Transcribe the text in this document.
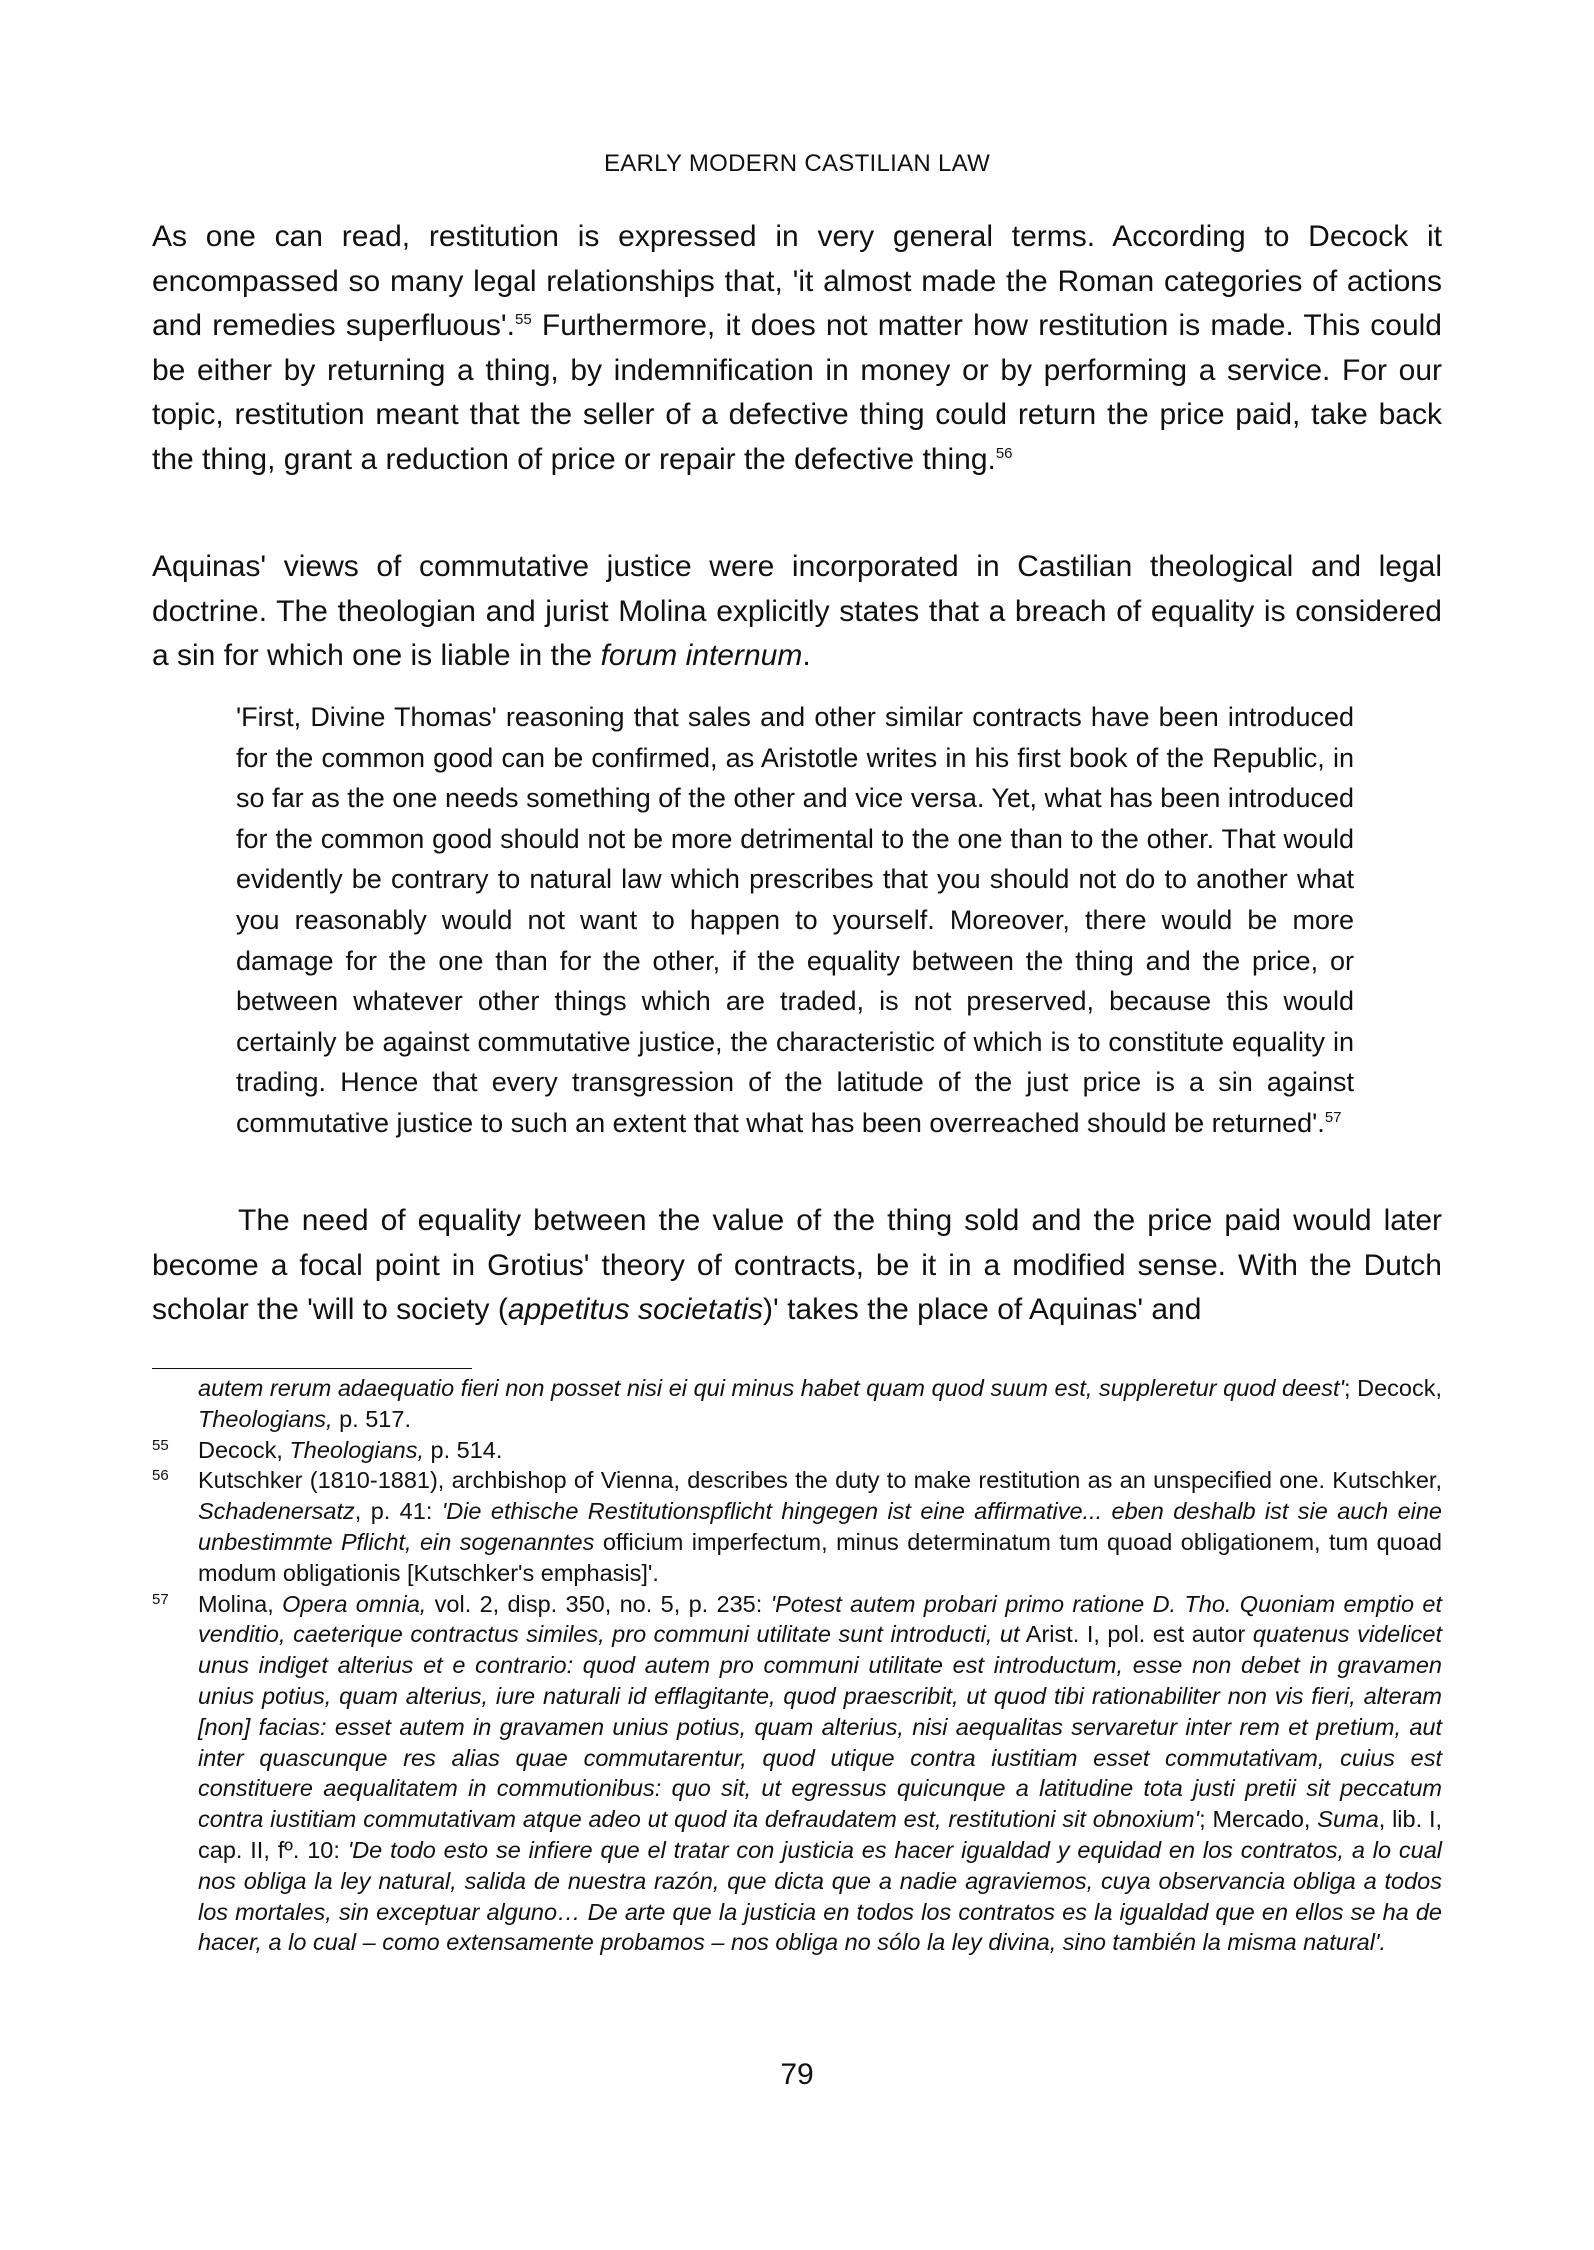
EARLY MODERN CASTILIAN LAW

As one can read, restitution is expressed in very general terms. According to Decock it encompassed so many legal relationships that, 'it almost made the Roman categories of actions and remedies superfluous'.$^{55}$ Furthermore, it does not matter how restitution is made. This could be either by returning a thing, by indemnification in money or by performing a service. For our topic, restitution meant that the seller of a defective thing could return the price paid, take back the thing, grant a reduction of price or repair the defective thing.$^{56}$

Aquinas' views of commutative justice were incorporated in Castilian theological and legal doctrine. The theologian and jurist Molina explicitly states that a breach of equality is considered a sin for which one is liable in the forum internum.

'First, Divine Thomas' reasoning that sales and other similar contracts have been introduced for the common good can be confirmed, as Aristotle writes in his first book of the Republic, in so far as the one needs something of the other and vice versa. Yet, what has been introduced for the common good should not be more detrimental to the one than to the other. That would evidently be contrary to natural law which prescribes that you should not do to another what you reasonably would not want to happen to yourself. Moreover, there would be more damage for the one than for the other, if the equality between the thing and the price, or between whatever other things which are traded, is not preserved, because this would certainly be against commutative justice, the characteristic of which is to constitute equality in trading. Hence that every transgression of the latitude of the just price is a sin against commutative justice to such an extent that what has been overreached should be returned'.$^{57}$

The need of equality between the value of the thing sold and the price paid would later become a focal point in Grotius' theory of contracts, be it in a modified sense. With the Dutch scholar the 'will to society (appetitus societatis)' takes the place of Aquinas' and

autem rerum adaequatio fieri non posset nisi ei qui minus habet quam quod suum est, suppleretur quod deest'; Decock, Theologians, p. 517.
55 Decock, Theologians, p. 514.
56 Kutschker (1810-1881), archbishop of Vienna, describes the duty to make restitution as an unspecified one. Kutschker, Schadenersatz, p. 41: 'Die ethische Restitutionspflicht hingegen ist eine affirmative... eben deshalb ist sie auch eine unbestimmte Pflicht, ein sogenanntes officium imperfectum, minus determinatum tum quoad obligationem, tum quoad modum obligationis [Kutschker's emphasis]'.
57 Molina, Opera omnia, vol. 2, disp. 350, no. 5, p. 235: 'Potest autem probari primo ratione D. Tho. Quoniam emptio et venditio, caeterique contractus similes, pro communi utilitate sunt introducti, ut Arist. I, pol. est autor quatenus videlicet unus indiget alterius et e contrario: quod autem pro communi utilitate est introductum, esse non debet in gravamen unius potius, quam alterius, iure naturali id efflagitante, quod praescribit, ut quod tibi rationabiliter non vis fieri, alteram [non] facias: esset autem in gravamen unius potius, quam alterius, nisi aequalitas servaretur inter rem et pretium, aut inter quascunque res alias quae commutarentur, quod utique contra iustitiam esset commutativam, cuius est constituere aequalitatem in commutionibus: quo sit, ut egressus quicunque a latitudine tota justi pretii sit peccatum contra iustitiam commutativam atque adeo ut quod ita defraudatem est, restitutioni sit obnoxium'; Mercado, Suma, lib. I, cap. II, fº. 10: 'De todo esto se infiere que el tratar con justicia es hacer igualdad y equidad en los contratos, a lo cual nos obliga la ley natural, salida de nuestra razón, que dicta que a nadie agraviemos, cuya observancia obliga a todos los mortales, sin exceptuar alguno… De arte que la justicia en todos los contratos es la igualdad que en ellos se ha de hacer, a lo cual – como extensamente probamos – nos obliga no sólo la ley divina, sino también la misma natural'.
79
